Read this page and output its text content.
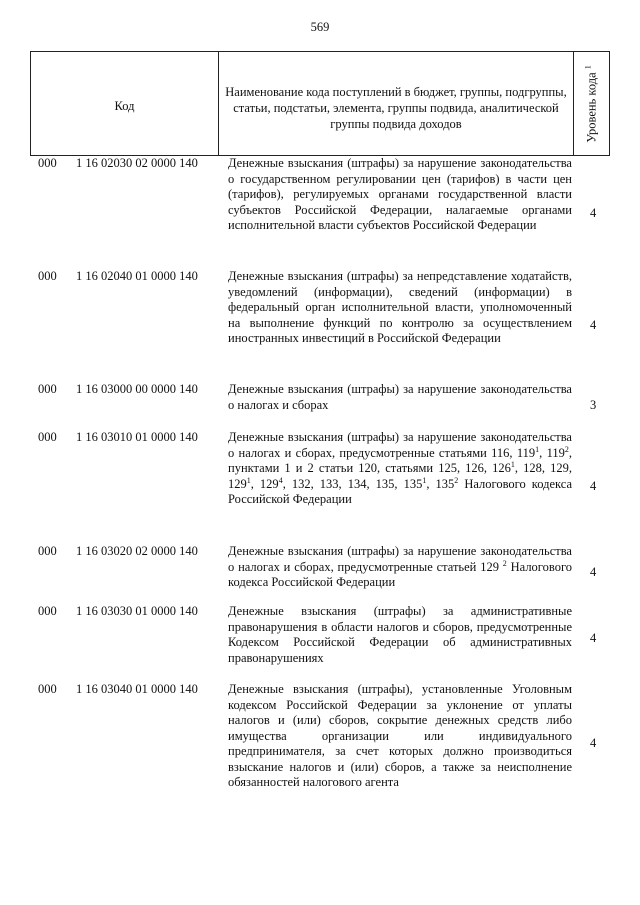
569
Код
Наименование кода поступлений в бюджет, группы, подгруппы, статьи, подстатьи, элемента, группы подвида, аналитической группы подвида доходов	Уровень кода $^1$
000 1 16 02030 02 0000 140 Денежные взыскания (штрафы) за нарушение законодательства о государственном регулировании цен (тарифов) в части цен (тарифов), регулируемых органами государственной власти субъектов Российской Федерации, налагаемые органами исполнительной власти субъектов Российской Федерации
4
000 1 16 02040 01 0000 140 Денежные взыскания (штрафы) за непредставление ходатайств, уведомлений (информации), сведений (информации) в федеральный орган исполнительной власти, уполномоченный на выполнение функций по контролю за осуществлением иностранных инвестиций в Российской Федерации
4
000 1 16 03000 00 0000 140 Денежные взыскания (штрафы) за нарушение законодательства о налогах и сборах	3
000 1 16 03010 01 0000 140 Денежные взыскания (штрафы) за нарушение законодательства о налогах и сборах, предусмотренные статьями 116, $119^1$, $119^2$, пунктами 1 и 2 статьи 120, статьями 125, 126, $126^1$, 128, 129, $129^1$, $129^4$, 132, 133, 134, 135, $135^1$, $135^2$ Налогового кодекса Российской Федерации
4
000 1 16 03020 02 0000 140 Денежные взыскания (штрафы) за нарушение законодательства о налогах и сборах, предусмотренные статьей 129 $^2$ Налогового кодекса Российской Федерации
4
000 1 16 03030 01 0000 140 Денежные взыскания (штрафы) за административные правонарушения в области налогов и сборов, предусмотренные Кодексом Российской Федерации об административных правонарушениях
4
000 1 16 03040 01 0000 140 Денежные взыскания (штрафы), установленные Уголовным кодексом Российской Федерации за уклонение от уплаты налогов и (или) сборов, сокрытие денежных средств либо имущества организации или индивидуального предпринимателя, за счет которых должно производиться взыскание налогов и (или) сборов, а также за неисполнение обязанностей налогового агента
4
